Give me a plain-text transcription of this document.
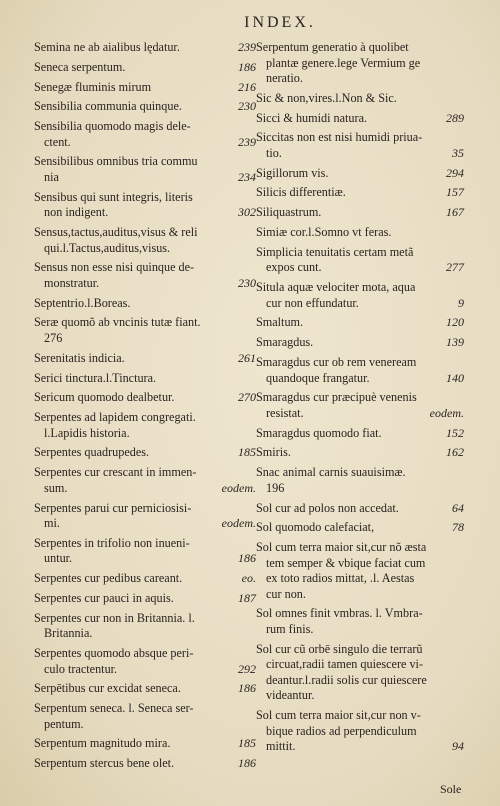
INDEX.
Semina ne ab aialibus lędatur.	239
Seneca serpentum.	186
Senegæ fluminis mirum	216
Sensibilia communia quinque.	230
Sensibilia quomodo magis dele-
ctent.	239
Sensibilibus omnibus tria commu
nia	234
Sensibus qui sunt integris, literis
non indigent.	302
Sensus,tactus,auditus,visus & reli
qui.l.Tactus,auditus,visus.
Sensus non esse nisi quinque de-
monstratur.	230
Septentrio.l.Boreas.
Seræ quomõ ab vncinis tutæ fiant.
276
Serenitatis indicia.	261
Serici tinctura.l.Tinctura.
Sericum quomodo dealbetur.	270
Serpentes ad lapidem congregati.
l.Lapidis historia.
Serpentes quadrupedes.	185
Serpentes cur crescant in immen-
sum.	eodem.
Serpentes parui cur perniciosisi-
mi.	eodem.
Serpentes in trifolio non inueni-
untur.	186
Serpentes cur pedibus careant.	eo.
Serpentes cur pauci in aquis.	187
Serpentes cur non in Britannia. l.
Britannia.
Serpentes quomodo absque peri-
culo tractentur.	292
Serpētibus cur excidat seneca.	186
Serpentum seneca. l. Seneca ser-
pentum.
Serpentum magnitudo mira.	185
Serpentum stercus bene olet.	186
Serpentum generatio à quolibet
plantæ genere.lege Vermium ge
neratio.
Sic & non,vires.l.Non & Sic.
Sicci & humidi natura.	289
Siccitas non est nisi humidi priua-
tio.	35
Sigillorum vis.	294
Silicis differentiæ.	157
Siliquastrum.	167
Simiæ cor.l.Somno vt feras.
Simplicia tenuitatis certam metã
expos cunt.	277
Situla aquæ velociter mota, aqua
cur non effundatur.	9
Smaltum.	120
Smaragdus.	139
Smaragdus cur ob rem veneream
quandoque frangatur.	140
Smaragdus cur præcipuè venenis
resistat.	eodem.
Smaragdus quomodo fiat.	152
Smiris.	162
Snac animal carnis suauisimæ.
196
Sol cur ad polos non accedat.	64
Sol quomodo calefaciat,	78
Sol cum terra maior sit,cur nõ æsta
tem semper & vbique faciat cum
ex toto radios mittat, .l. Aestas
cur non.
Sol omnes finit vmbras. l. Vmbra-
rum finis.
Sol cur cũ orbē singulo die terrarũ
circuat,radii tamen quiescere vi-
deantur.l.radii solis cur quiescere
videantur.
Sol cum terra maior sit,cur non v-
bique radios ad perpendiculum
mittit.	94
Sole
